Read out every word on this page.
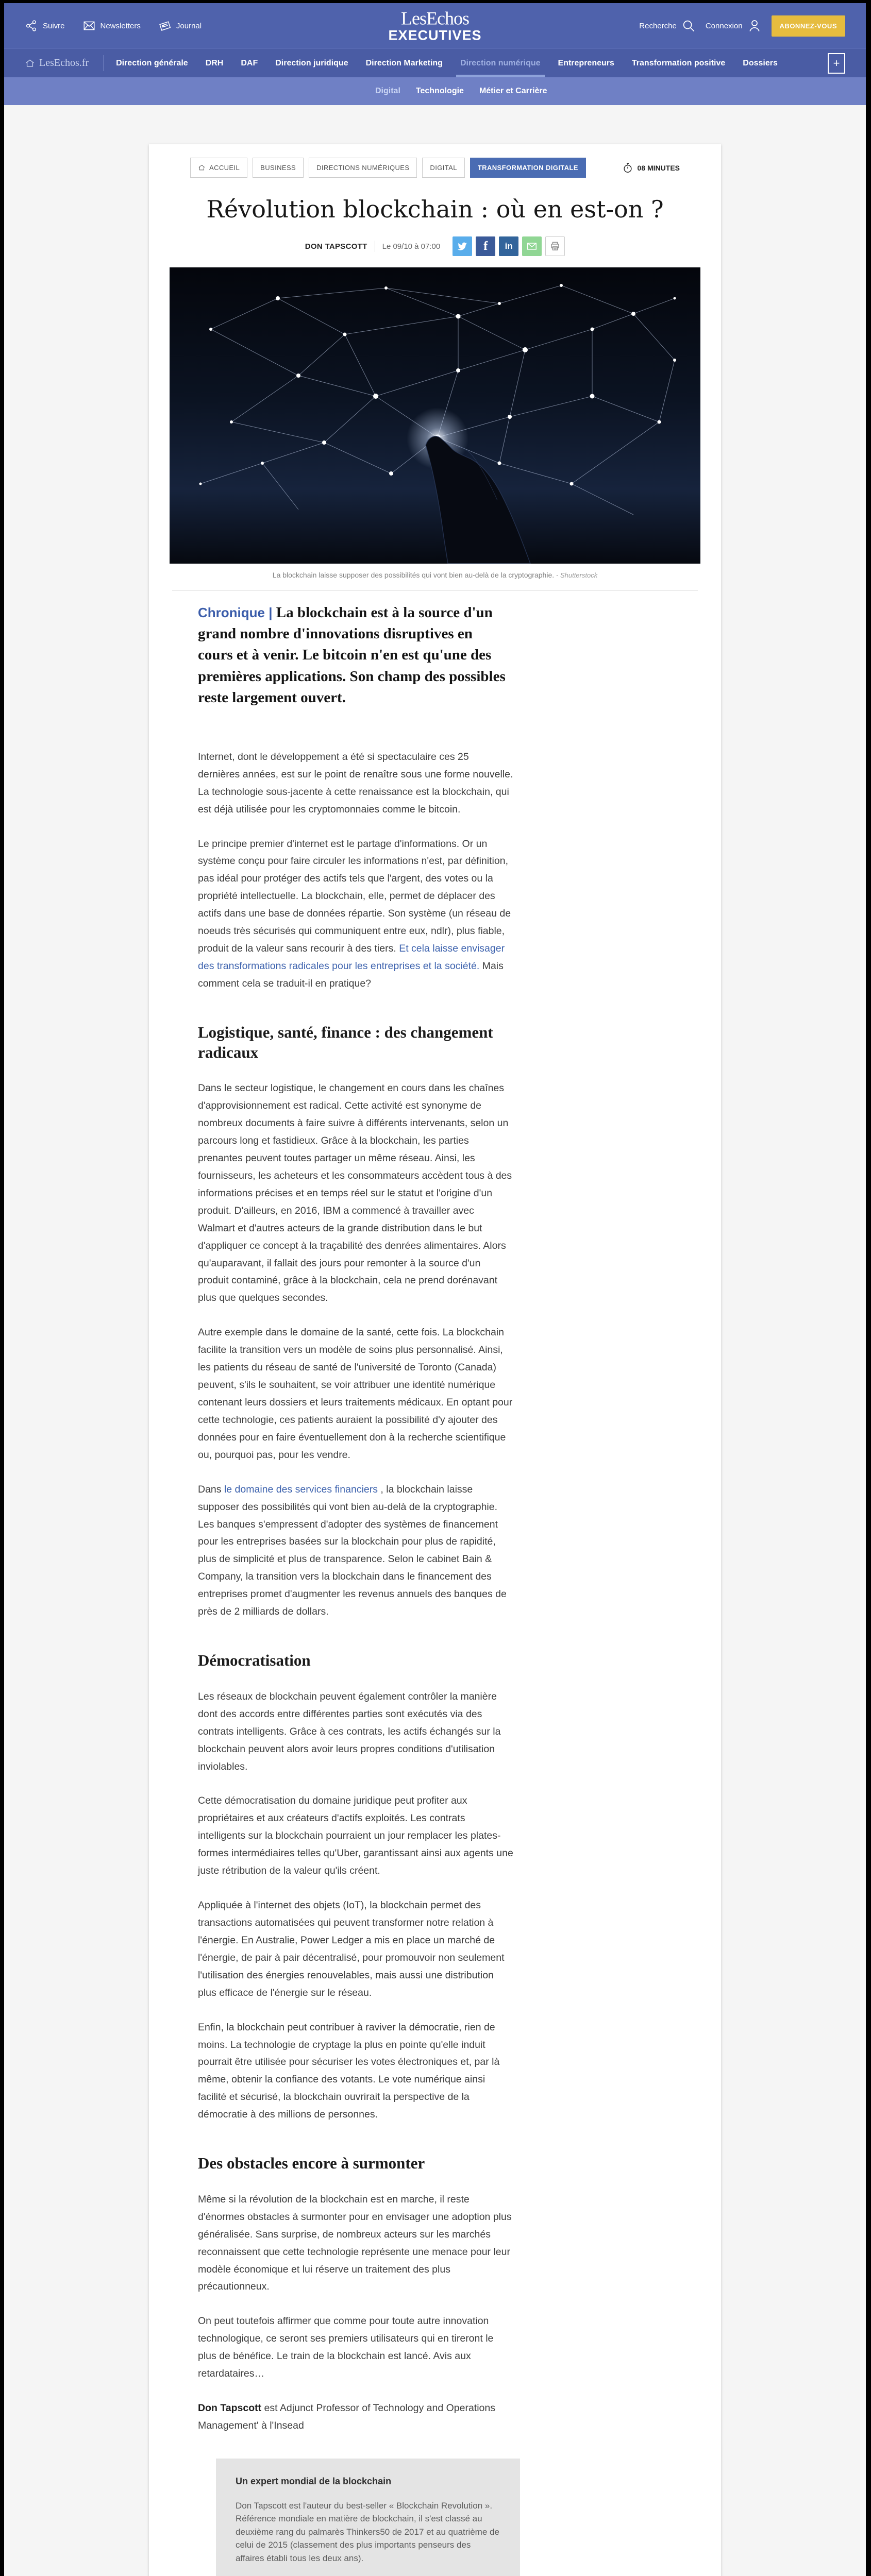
Suivre	Newsletters	Journal	LesEchos
EXECUTIVES
Recherche	Connexion	ABONNEZ-VOUS
LesEchos.fr	Direction générale DRH DAF Direction juridique Direction Marketing Direction numérique Entrepreneurs Transformation positive Dossiers	+
Digital Technologie Métier et Carrière
ACCUEIL	BUSINESS	DIRECTIONS NUMÉRIQUES	DIGITAL	TRANSFORMATION DIGITALE	08 MINUTES
Révolution blockchain : où en est-on ?
DON TAPSCOTT Le 09/10 à 07:00	f in
La blockchain laisse supposer des possibilités qui vont bien au-delà de la cryptographie. - Shutterstock

Chronique | La blockchain est à la source d'un grand nombre d'innovations disruptives en cours et à venir. Le bitcoin n'en est qu'une des premières applications. Son champ des possibles reste largement ouvert.

Internet, dont le développement a été si spectaculaire ces 25 dernières années, est sur le point de renaître sous une forme nouvelle. La technologie sous-jacente à cette renaissance est la blockchain, qui est déjà utilisée pour les cryptomonnaies comme le bitcoin.

Le principe premier d'internet est le partage d'informations. Or un système conçu pour faire circuler les informations n'est, par définition, pas idéal pour protéger des actifs tels que l'argent, des votes ou la propriété intellectuelle. La blockchain, elle, permet de déplacer des actifs dans une base de données répartie. Son système (un réseau de noeuds très sécurisés qui communiquent entre eux, ndlr), plus fiable, produit de la valeur sans recourir à des tiers. Et cela laisse envisager des transformations radicales pour les entreprises et la société. Mais comment cela se traduit-il en pratique?

Logistique, santé, finance : des changement radicaux

Dans le secteur logistique, le changement en cours dans les chaînes d'approvisionnement est radical. Cette activité est synonyme de nombreux documents à faire suivre à différents intervenants, selon un parcours long et fastidieux. Grâce à la blockchain, les parties prenantes peuvent toutes partager un même réseau. Ainsi, les fournisseurs, les acheteurs et les consommateurs accèdent tous à des informations précises et en temps réel sur le statut et l'origine d'un produit. D'ailleurs, en 2016, IBM a commencé à travailler avec Walmart et d'autres acteurs de la grande distribution dans le but d'appliquer ce concept à la traçabilité des denrées alimentaires. Alors qu'auparavant, il fallait des jours pour remonter à la source d'un produit contaminé, grâce à la blockchain, cela ne prend dorénavant plus que quelques secondes.

Autre exemple dans le domaine de la santé, cette fois. La blockchain facilite la transition vers un modèle de soins plus personnalisé. Ainsi, les patients du réseau de santé de l'université de Toronto (Canada) peuvent, s'ils le souhaitent, se voir attribuer une identité numérique contenant leurs dossiers et leurs traitements médicaux. En optant pour cette technologie, ces patients auraient la possibilité d'y ajouter des données pour en faire éventuellement don à la recherche scientifique ou, pourquoi pas, pour les vendre.

Dans le domaine des services financiers , la blockchain laisse supposer des possibilités qui vont bien au-delà de la cryptographie. Les banques s'empressent d'adopter des systèmes de financement pour les entreprises basées sur la blockchain pour plus de rapidité, plus de simplicité et plus de transparence. Selon le cabinet Bain & Company, la transition vers la blockchain dans le financement des entreprises promet d'augmenter les revenus annuels des banques de près de 2 milliards de dollars.

Démocratisation

Les réseaux de blockchain peuvent également contrôler la manière dont des accords entre différentes parties sont exécutés via des contrats intelligents. Grâce à ces contrats, les actifs échangés sur la blockchain peuvent alors avoir leurs propres conditions d'utilisation inviolables.

Cette démocratisation du domaine juridique peut profiter aux propriétaires et aux créateurs d'actifs exploités. Les contrats intelligents sur la blockchain pourraient un jour remplacer les plates-formes intermédiaires telles qu'Uber, garantissant ainsi aux agents une juste rétribution de la valeur qu'ils créent.

Appliquée à l'internet des objets (IoT), la blockchain permet des transactions automatisées qui peuvent transformer notre relation à l'énergie. En Australie, Power Ledger a mis en place un marché de l'énergie, de pair à pair décentralisé, pour promouvoir non seulement l'utilisation des énergies renouvelables, mais aussi une distribution plus efficace de l'énergie sur le réseau.

Enfin, la blockchain peut contribuer à raviver la démocratie, rien de moins. La technologie de cryptage la plus en pointe qu'elle induit pourrait être utilisée pour sécuriser les votes électroniques et, par là même, obtenir la confiance des votants. Le vote numérique ainsi facilité et sécurisé, la blockchain ouvrirait la perspective de la démocratie à des millions de personnes.

Des obstacles encore à surmonter

Même si la révolution de la blockchain est en marche, il reste d'énormes obstacles à surmonter pour en envisager une adoption plus généralisée. Sans surprise, de nombreux acteurs sur les marchés reconnaissent que cette technologie représente une menace pour leur modèle économique et lui réserve un traitement des plus précautionneux.

On peut toutefois affirmer que comme pour toute autre innovation technologique, ce seront ses premiers utilisateurs qui en tireront le plus de bénéfice. Le train de la blockchain est lancé. Avis aux retardataires…

Don Tapscott est Adjunct Professor of Technology and Operations Management' à l'Insead

Un expert mondial de la blockchain

Don Tapscott est l'auteur du best-seller « Blockchain Revolution ». Référence mondiale en matière de blockchain, il s'est classé au deuxième rang du palmarès Thinkers50 de 2017 et au quatrième de celui de 2015 (classement des plus importants penseurs des affaires établi tous les deux ans).
